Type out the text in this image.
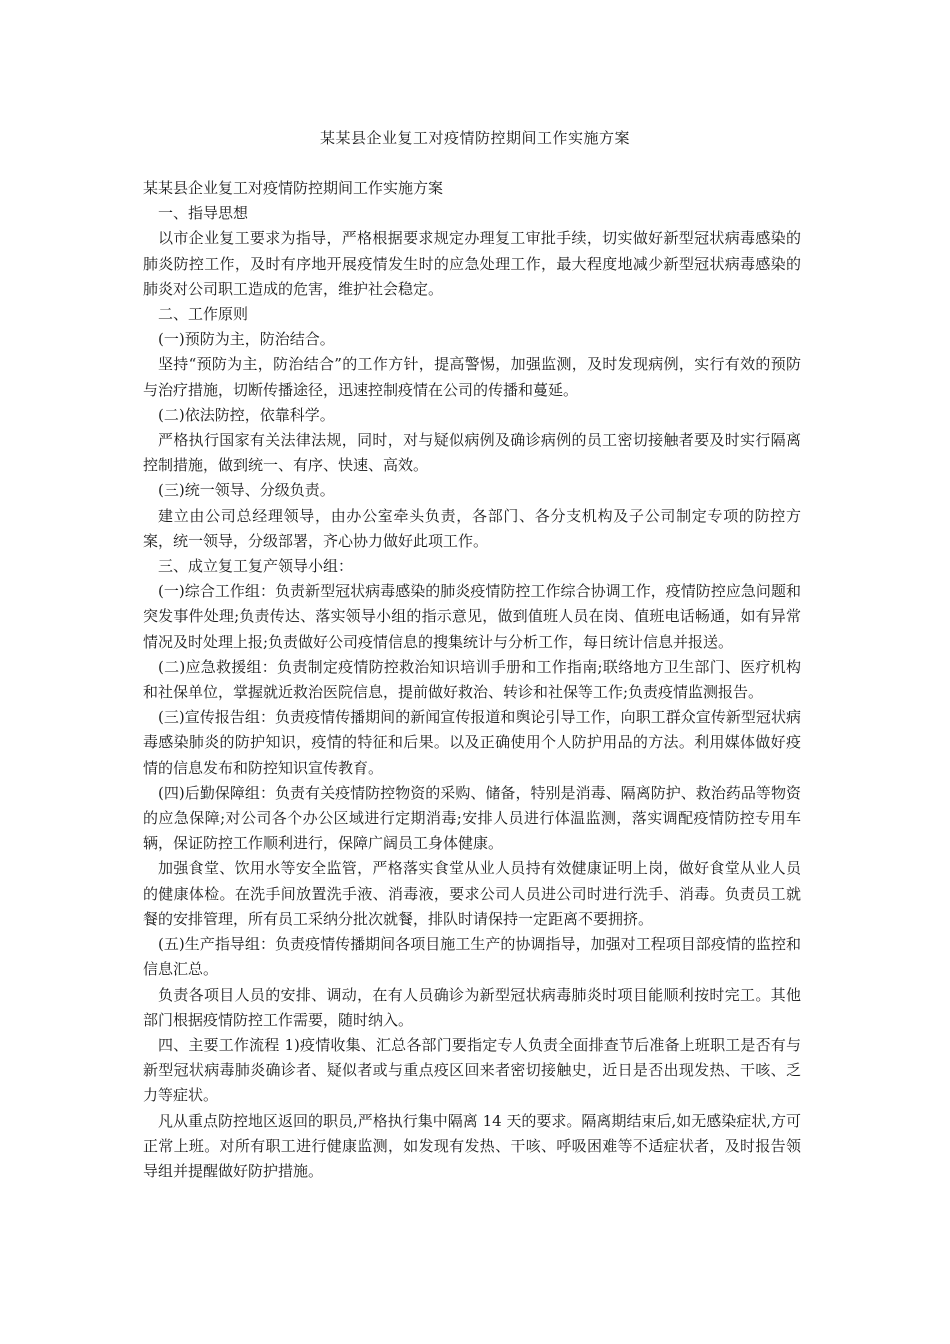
某某县企业复工对疫情防控期间工作实施方案

某某县企业复工对疫情防控期间工作实施方案

一、指导思想

以市企业复工要求为指导，严格根据要求规定办理复工审批手续，切实做好新型冠状病毒感染的肺炎防控工作，及时有序地开展疫情发生时的应急处理工作，最大程度地减少新型冠状病毒感染的肺炎对公司职工造成的危害，维护社会稳定。

二、工作原则

(一)预防为主，防治结合。

坚持“预防为主，防治结合”的工作方针，提高警惕，加强监测，及时发现病例，实行有效的预防与治疗措施，切断传播途径，迅速控制疫情在公司的传播和蔓延。

(二)依法防控，依靠科学。

严格执行国家有关法律法规，同时，对与疑似病例及确诊病例的员工密切接触者要及时实行隔离控制措施，做到统一、有序、快速、高效。

(三)统一领导、分级负责。

建立由公司总经理领导，由办公室牵头负责，各部门、各分支机构及子公司制定专项的防控方案，统一领导，分级部署，齐心协力做好此项工作。

三、成立复工复产领导小组：

(一)综合工作组：负责新型冠状病毒感染的肺炎疫情防控工作综合协调工作，疫情防控应急问题和突发事件处理;负责传达、落实领导小组的指示意见，做到值班人员在岗、值班电话畅通，如有异常情况及时处理上报;负责做好公司疫情信息的搜集统计与分析工作，每日统计信息并报送。

(二)应急救援组：负责制定疫情防控救治知识培训手册和工作指南;联络地方卫生部门、医疗机构和社保单位，掌握就近救治医院信息，提前做好救治、转诊和社保等工作;负责疫情监测报告。

(三)宣传报告组：负责疫情传播期间的新闻宣传报道和舆论引导工作，向职工群众宣传新型冠状病毒感染肺炎的防护知识，疫情的特征和后果。以及正确使用个人防护用品的方法。利用媒体做好疫情的信息发布和防控知识宣传教育。

(四)后勤保障组：负责有关疫情防控物资的采购、储备，特别是消毒、隔离防护、救治药品等物资的应急保障;对公司各个办公区域进行定期消毒;安排人员进行体温监测，落实调配疫情防控专用车辆，保证防控工作顺利进行，保障广阔员工身体健康。

加强食堂、饮用水等安全监管，严格落实食堂从业人员持有效健康证明上岗，做好食堂从业人员的健康体检。在洗手间放置洗手液、消毒液，要求公司人员进公司时进行洗手、消毒。负责员工就餐的安排管理，所有员工采纳分批次就餐，排队时请保持一定距离不要拥挤。

(五)生产指导组：负责疫情传播期间各项目施工生产的协调指导，加强对工程项目部疫情的监控和信息汇总。

负责各项目人员的安排、调动，在有人员确诊为新型冠状病毒肺炎时项目能顺利按时完工。其他部门根据疫情防控工作需要，随时纳入。

四、主要工作流程 1)疫情收集、汇总各部门要指定专人负责全面排查节后准备上班职工是否有与新型冠状病毒肺炎确诊者、疑似者或与重点疫区回来者密切接触史，近日是否出现发热、干咳、乏力等症状。

凡从重点防控地区返回的职员,严格执行集中隔离 14 天的要求。隔离期结束后,如无感染症状,方可正常上班。对所有职工进行健康监测，如发现有发热、干咳、呼吸困难等不适症状者，及时报告领导组并提醒做好防护措施。
